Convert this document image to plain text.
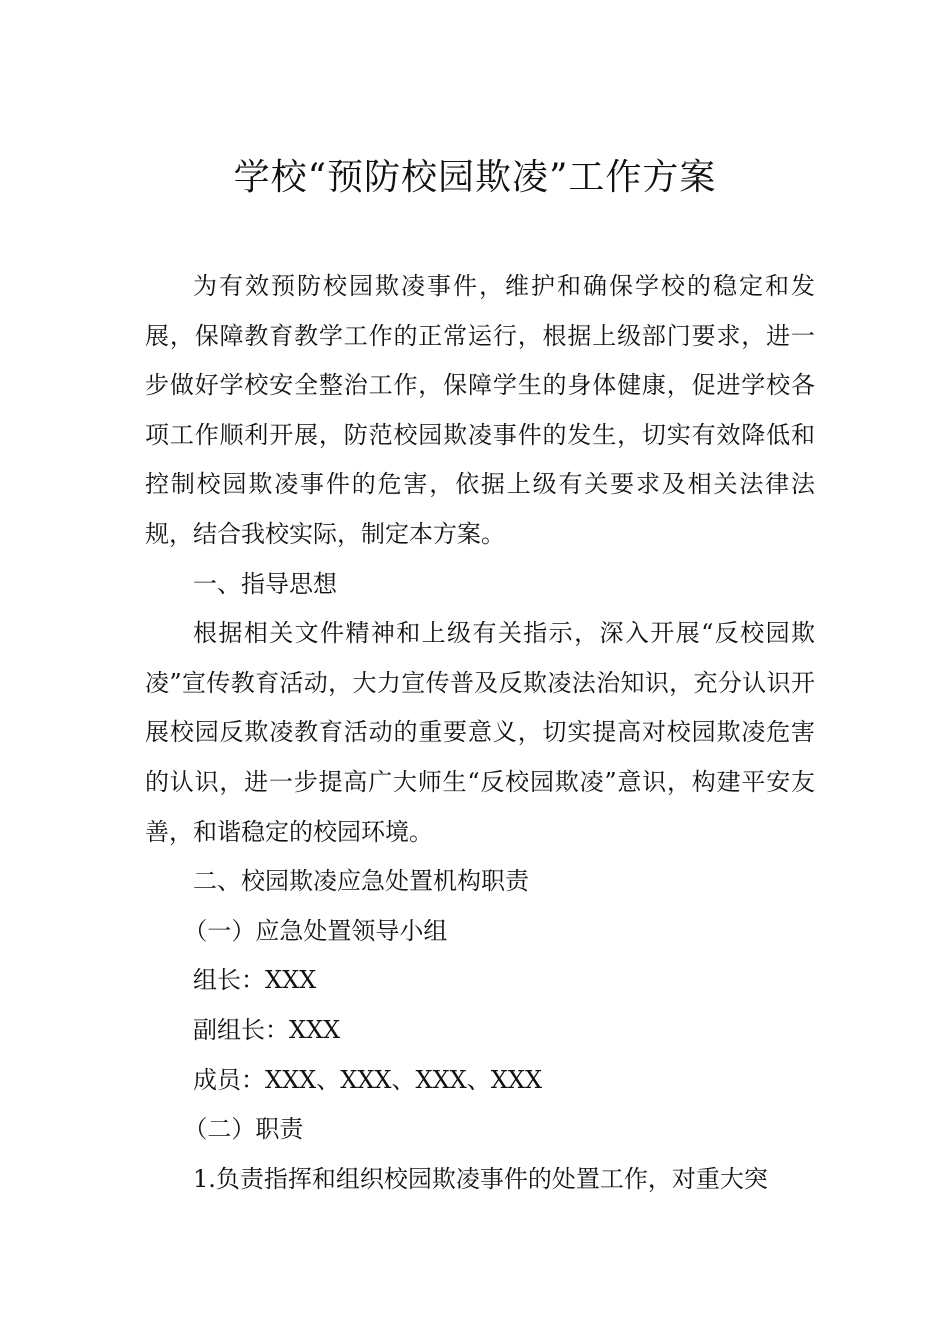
学校“预防校园欺凌”工作方案

为有效预防校园欺凌事件，维护和确保学校的稳定和发展，保障教育教学工作的正常运行，根据上级部门要求，进一步做好学校安全整治工作，保障学生的身体健康，促进学校各项工作顺利开展，防范校园欺凌事件的发生，切实有效降低和控制校园欺凌事件的危害，依据上级有关要求及相关法律法规，结合我校实际，制定本方案。

一、指导思想

根据相关文件精神和上级有关指示，深入开展“反校园欺凌”宣传教育活动，大力宣传普及反欺凌法治知识，充分认识开展校园反欺凌教育活动的重要意义，切实提高对校园欺凌危害的认识，进一步提高广大师生“反校园欺凌”意识，构建平安友善，和谐稳定的校园环境。

二、校园欺凌应急处置机构职责

（一）应急处置领导小组

组长：XXX

副组长：XXX

成员：XXX、XXX、XXX、XXX

（二）职责

1.负责指挥和组织校园欺凌事件的处置工作，对重大突
